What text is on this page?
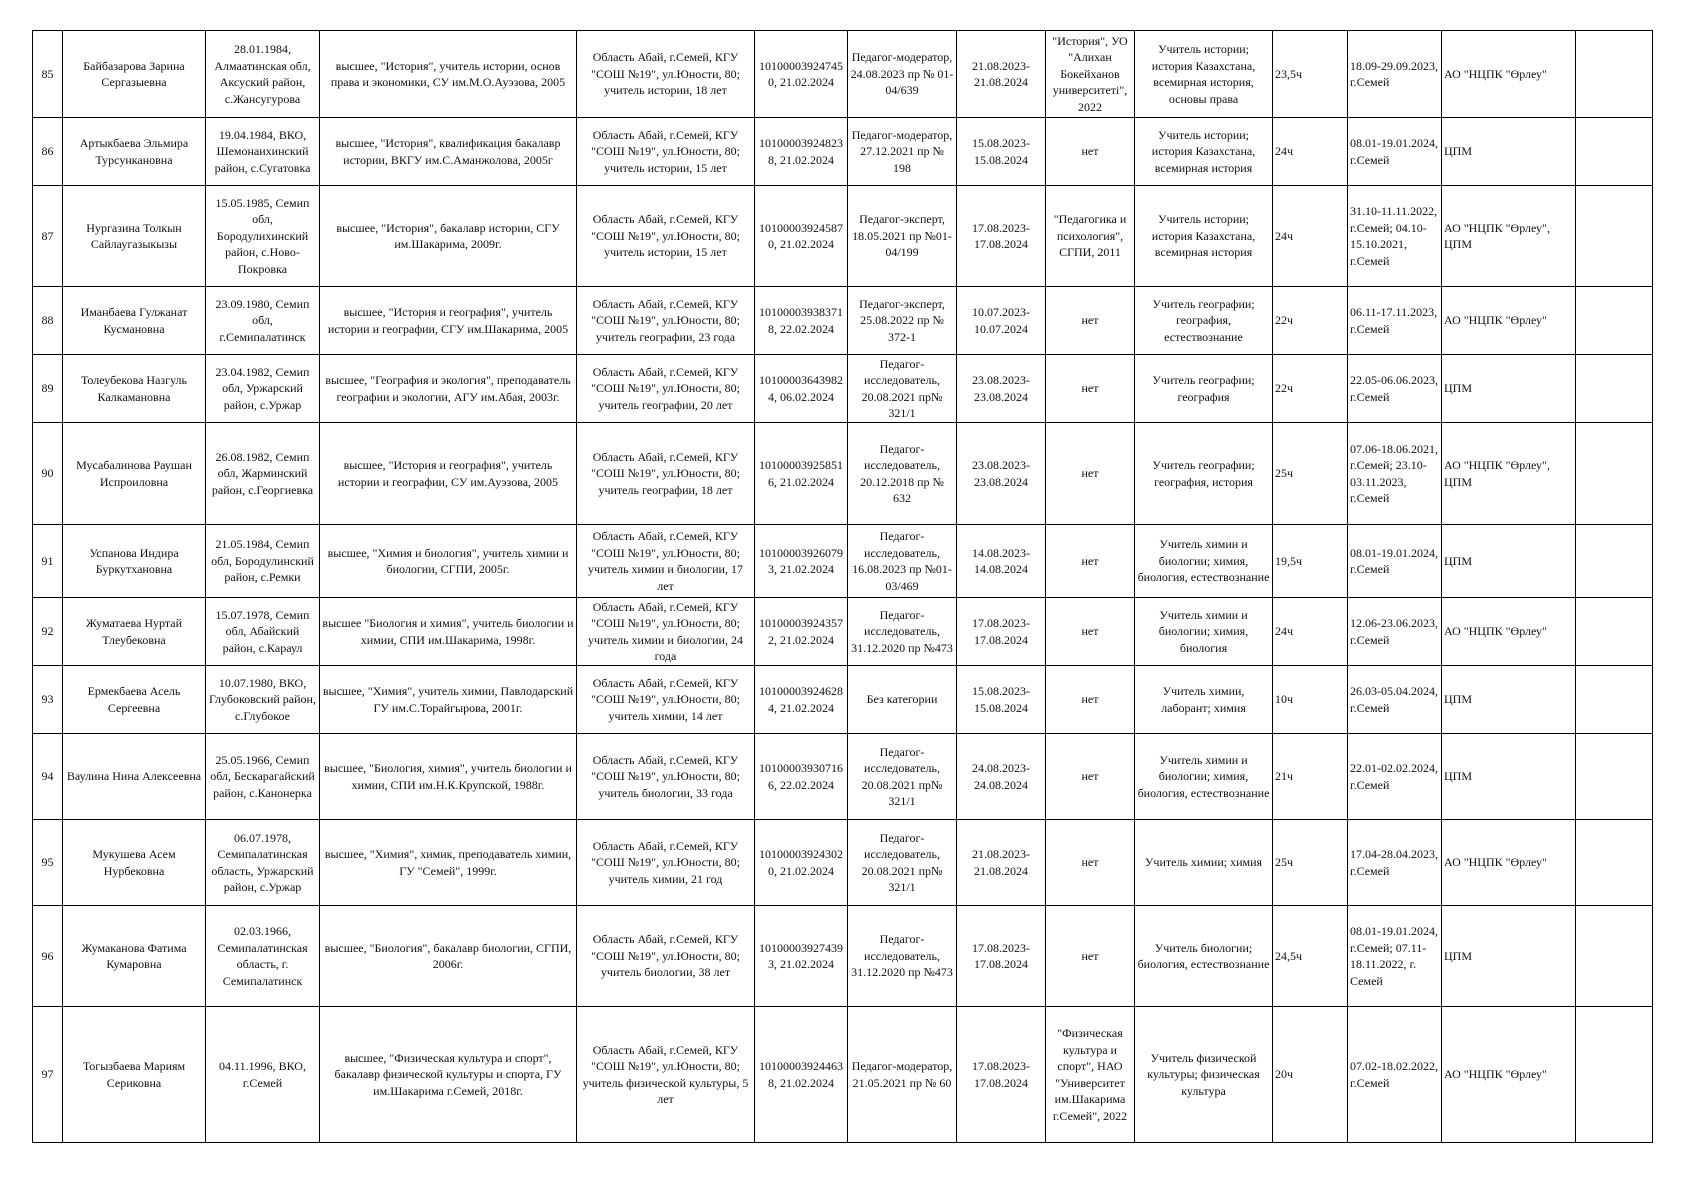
85	Байбазарова Зарина Сергазыевна	28.01.1984, Алмаатинская обл, Аксуский район, с.Жансугурова	высшее, "История", учитель истории, основ права и экономики, СУ им.М.О.Ауэзова, 2005	Область Абай, г.Семей, КГУ "СОШ №19", ул.Юности, 80; учитель истории, 18 лет	101000039247450, 21.02.2024	Педагог-модератор, 24.08.2023 пр № 01-04/639	21.08.2023-21.08.2024	"История", УО "Алихан Бокейханов университеті", 2022	Учитель истории; история Казахстана, всемирная история, основы права	23,5ч	18.09-29.09.2023, г.Семей	АО "НЦПК "Өрлеу"	
86	Артыкбаева Эльмира Турсункановна	19.04.1984, ВКО, Шемонаихинский район, с.Сугатовка	высшее, "История", квалификация бакалавр истории, ВКГУ им.С.Аманжолова, 2005г	Область Абай, г.Семей, КГУ "СОШ №19", ул.Юности, 80; учитель истории, 15 лет	101000039248238, 21.02.2024	Педагог-модератор, 27.12.2021 пр № 198	15.08.2023-15.08.2024	нет	Учитель истории; история Казахстана, всемирная история	24ч	08.01-19.01.2024, г.Семей	ЦПМ	
87	Нургазина Толкын Сайлаугазыкызы	15.05.1985, Семип обл, Бородулихинский район, с.Ново-Покровка	высшее, "История", бакалавр истории, СГУ им.Шакарима, 2009г.	Область Абай, г.Семей, КГУ "СОШ №19", ул.Юности, 80; учитель истории, 15 лет	101000039245870, 21.02.2024	Педагог-эксперт, 18.05.2021 пр №01-04/199	17.08.2023-17.08.2024	"Педагогика и психология", СГПИ, 2011	Учитель истории; история Казахстана, всемирная история	24ч	31.10-11.11.2022, г.Семей; 04.10-15.10.2021, г.Семей	АО "НЦПК "Өрлеу", ЦПМ	
88	Иманбаева Гулжанат Кусмановна	23.09.1980, Семип обл, г.Семипалатинск	высшее, "История и география", учитель истории и географии, СГУ им.Шакарима, 2005	Область Абай, г.Семей, КГУ "СОШ №19", ул.Юности, 80; учитель географии, 23 года	101000039383718, 22.02.2024	Педагог-эксперт, 25.08.2022 пр № 372-1	10.07.2023-10.07.2024	нет	Учитель географии; география, естествознание	22ч	06.11-17.11.2023, г.Семей	АО "НЦПК "Өрлеу"	
89	Толеубекова Назгуль Калкамановна	23.04.1982, Семип обл, Уржарский район, с.Уржар	высшее, "География и экология", преподаватель географии и экологии, АГУ им.Абая, 2003г.	Область Абай, г.Семей, КГУ "СОШ №19", ул.Юности, 80; учитель географии, 20 лет	101000036439824, 06.02.2024	Педагог-исследователь, 20.08.2021 пр№ 321/1	23.08.2023-23.08.2024	нет	Учитель географии; география	22ч	22.05-06.06.2023, г.Семей	ЦПМ	
90	Мусабалинова Раушан Испроиловна	26.08.1982, Семип обл, Жарминский район, с.Георгиевка	высшее, "История и география", учитель истории и географии, СУ им.Ауэзова, 2005	Область Абай, г.Семей, КГУ "СОШ №19", ул.Юности, 80; учитель географии, 18 лет	101000039258516, 21.02.2024	Педагог-исследователь, 20.12.2018 пр № 632	23.08.2023-23.08.2024	нет	Учитель географии; география, история	25ч	07.06-18.06.2021, г.Семей; 23.10-03.11.2023, г.Семей	АО "НЦПК "Өрлеу", ЦПМ	
91	Успанова Индира Буркутхановна	21.05.1984, Семип обл, Бородулинский район, с.Ремки	высшее, "Химия и биология", учитель химии и биологии, СГПИ, 2005г.	Область Абай, г.Семей, КГУ "СОШ №19", ул.Юности, 80; учитель химии и биологии, 17 лет	101000039260793, 21.02.2024	Педагог-исследователь, 16.08.2023 пр №01-03/469	14.08.2023-14.08.2024	нет	Учитель химии и биологии; химия, биология, естествознание	19,5ч	08.01-19.01.2024, г.Семей	ЦПМ	
92	Жуматаева Нуртай Тлеубековна	15.07.1978, Семип обл, Абайский район, с.Караул	высшее "Биология и химия", учитель биологии и химии, СПИ им.Шакарима, 1998г.	Область Абай, г.Семей, КГУ "СОШ №19", ул.Юности, 80; учитель химии и биологии, 24 года	101000039243572, 21.02.2024	Педагог-исследователь, 31.12.2020 пр №473	17.08.2023-17.08.2024	нет	Учитель химии и биологии; химия, биология	24ч	12.06-23.06.2023, г.Семей	АО "НЦПК "Өрлеу"	
93	Ермекбаева Асель Сергеевна	10.07.1980, ВКО, Глубоковский район, с.Глубокое	высшее, "Химия", учитель химии, Павлодарский ГУ им.С.Торайгырова, 2001г.	Область Абай, г.Семей, КГУ "СОШ №19", ул.Юности, 80; учитель химии, 14 лет	101000039246284, 21.02.2024	Без категории	15.08.2023-15.08.2024	нет	Учитель химии, лаборант; химия	10ч	26.03-05.04.2024, г.Семей	ЦПМ	
94	Ваулина Нина Алексеевна	25.05.1966, Семип обл, Бескарагайский район, с.Канонерка	высшее, "Биология, химия", учитель биологии и химии, СПИ им.Н.К.Крупской, 1988г.	Область Абай, г.Семей, КГУ "СОШ №19", ул.Юности, 80; учитель биологии, 33 года	101000039307166, 22.02.2024	Педагог-исследователь, 20.08.2021 пр№ 321/1	24.08.2023-24.08.2024	нет	Учитель химии и биологии; химия, биология, естествознание	21ч	22.01-02.02.2024, г.Семей	ЦПМ	
95	Мукушева Асем Нурбековна	06.07.1978, Семипалатинская область, Уржарский район, с.Уржар	высшее, "Химия", химик, преподаватель химии, ГУ "Семей", 1999г.	Область Абай, г.Семей, КГУ "СОШ №19", ул.Юности, 80; учитель химии, 21 год	101000039243020, 21.02.2024	Педагог-исследователь, 20.08.2021 пр№ 321/1	21.08.2023-21.08.2024	нет	Учитель химии; химия	25ч	17.04-28.04.2023, г.Семей	АО "НЦПК "Өрлеу"	
96	Жумаканова Фатима Кумаровна	02.03.1966, Семипалатинская область, г. Семипалатинск	высшее, "Биология", бакалавр биологии, СГПИ, 2006г.	Область Абай, г.Семей, КГУ "СОШ №19", ул.Юности, 80; учитель биологии, 38 лет	101000039274393, 21.02.2024	Педагог-исследователь, 31.12.2020 пр №473	17.08.2023-17.08.2024	нет	Учитель биологии; биология, естествознание	24,5ч	08.01-19.01.2024, г.Семей; 07.11-18.11.2022, г. Семей	ЦПМ	
97	Тогызбаева Мариям Сериковна	04.11.1996, ВКО, г.Семей	высшее, "Физическая культура и спорт", бакалавр физической культуры и спорта, ГУ им.Шакарима г.Семей, 2018г.	Область Абай, г.Семей, КГУ "СОШ №19", ул.Юности, 80; учитель физической культуры, 5 лет	101000039244638, 21.02.2024	Педагог-модератор, 21.05.2021 пр № 60	17.08.2023-17.08.2024	"Физическая культура и спорт", НАО "Университет им.Шакарима г.Семей", 2022	Учитель физической культуры; физическая культура	20ч	07.02-18.02.2022, г.Семей	АО "НЦПК "Өрлеу"	
